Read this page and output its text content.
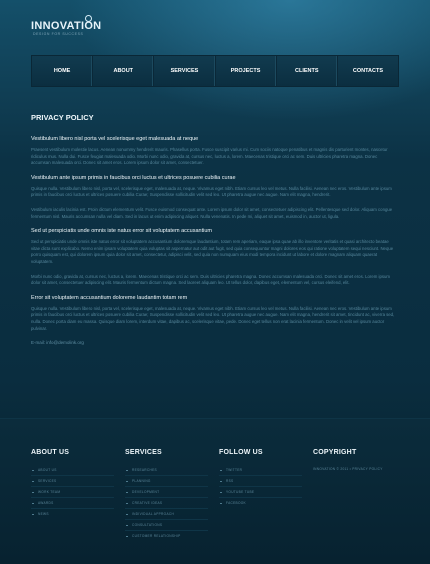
INNOVATION
DESIGN FOR SUCCESS
HOME	ABOUT	SERVICES	PROJECTS	CLIENTS	CONTACTS
PRIVACY POLICY
Vestibulum libero nisl porta vel scelerisque eget malesuada at neque
Praesent vestibulum molestie lacus. Aenean nonummy hendrerit mauris. Phasellus porta. Fusce suscipit varius mi. Cum sociis natoque penatibus et magnis dis parturient montes, nascetur ridiculus mus. Nulla dui. Fusce feugiat malesuada odio. Morbi nunc odio, gravida at, cursus nec, luctus a, lorem. Maecenas tristique orci ac sem. Duis ultricies pharetra magna. Donec accumsan malesuada orci. Donec sit amet eros. Lorem ipsum dolor sit amet, consectetuer.
Vestibulum ante ipsum primis in faucibus orci luctus et ultrices posuere cubilia curae
Quisque nulla. Vestibulum libero nisl, porta vel, scelerisque eget, malesuada at, neque. Vivamus eget nibh. Etiam cursus leo vel metus. Nulla facilisi. Aenean nec eros. Vestibulum ante ipsum primis in faucibus orci luctus et ultrices posuere cubilia Curae; Suspendisse sollicitudin velit sed leo. Ut pharetra augue nec augue. Nam elit magna, hendrerit.
Vestibulum iaculis lacinia est. Proin dictum elementum velit. Fusce euismod consequat ante. Lorem ipsum dolor sit amet, consectetuer adipiscing elit. Pellentesque sed dolor. Aliquam congue fermentum nisl. Mauris accumsan nulla vel diam. Sed in lacus ut enim adipiscing aliquet. Nulla venenatis. In pede mi, aliquet sit amet, euismod in, auctor ut, ligula.
Sed ut perspiciatis unde omnis iste natus error sit voluptatem accusantium
Sed ut perspiciatis unde omnis iste natus error sit voluptatem accusantium doloremque laudantium, totam rem aperiam, eaque ipsa quae ab illo inventore veritatis et quasi architecto beatae vitae dicta sunt explicabo. Nemo enim ipsam voluptatem quia voluptas sit aspernatur aut odit aut fugit, sed quia consequuntur magni dolores eos qui ratione voluptatem sequi nesciunt. Neque porro quisquam est, qui dolorem ipsum quia dolor sit amet, consectetur, adipisci velit, sed quia non numquam eius modi tempora incidunt ut labore et dolore magnam aliquam quaerat voluptatem.
Morbi nunc odio, gravida at, cursus nec, luctus a, lorem. Maecenas tristique orci ac sem. Duis ultricies pharetra magna. Donec accumsan malesuada orci. Donec sit amet eros. Lorem ipsum dolor sit amet, consectetuer adipiscing elit. Mauris fermentum dictum magna. Sed laoreet aliquam leo. Ut tellus dolor, dapibus eget, elementum vel, cursus eleifend, elit.
Error sit voluptatem accusantium doloreme laudantim totam rem
Quisque nulla. Vestibulum libero nisl, porta vel, scelerisque eget, malesuada at, neque. Vivamus eget nibh. Etiam cursus leo vel metus. Nulla facilisi. Aenean nec eros. Vestibulum ante ipsum primis in faucibus orci luctus et ultrices posuere cubilia Curae; Suspendisse sollicitudin velit sed leo. Ut pharetra augue nec augue. Nam elit magna, hendrerit sit amet, tincidunt ac, viverra sed, nulla. Donec porta diam eu massa. Quisque diam lorem, interdum vitae, dapibus ac, scelerisque vitae, pede. Donec eget tellus non erat lacinia fermentum. Donec in velit vel ipsum auctor pulvinar.
E-mail: info@demolink.org
ABOUT US
ABOUT US
SERVICES
WORK TEAM
AWARDS
NEWS
SERVICES
RESEARCHES
PLANNING
DEVELOPMENT
CREATIVE IDEAS
INDIVIDUAL APPROACH
CONSULTATIONS
CUSTOMER RELATIONSHIP
FOLLOW US
TWITTER
RSS
YOUTUBE TUBE
FACEBOOK
COPYRIGHT
INNOVATION © 2011 • PRIVACY POLICY
